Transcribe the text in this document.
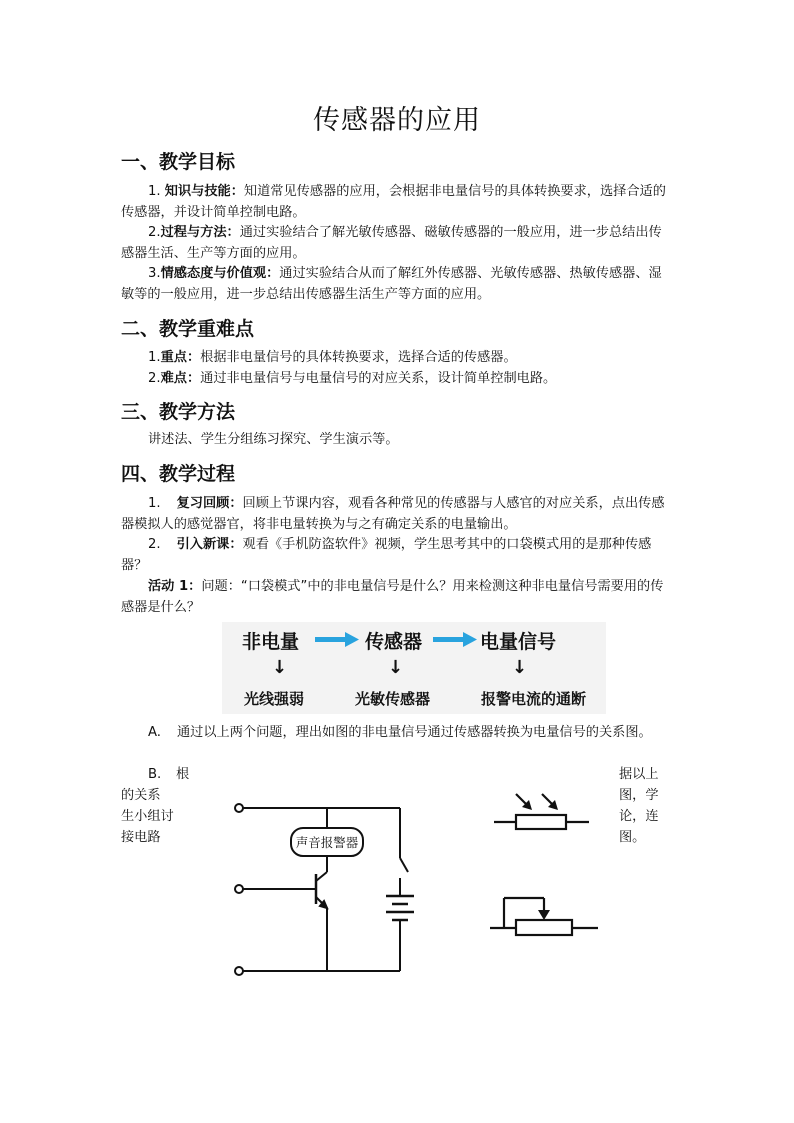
传感器的应用
一、教学目标
1. 知识与技能：知道常见传感器的应用，会根据非电量信号的具体转换要求，选择合适的传感器，并设计简单控制电路。
2.过程与方法：通过实验结合了解光敏传感器、磁敏传感器的一般应用，进一步总结出传感器生活、生产等方面的应用。
3.情感态度与价值观：通过实验结合从而了解红外传感器、光敏传感器、热敏传感器、湿敏等的一般应用，进一步总结出传感器生活生产等方面的应用。
二、教学重难点
1.重点：根据非电量信号的具体转换要求，选择合适的传感器。
2.难点：通过非电量信号与电量信号的对应关系，设计简单控制电路。
三、教学方法
讲述法、学生分组练习探究、学生演示等。
四、教学过程
1. 复习回顾：回顾上节课内容，观看各种常见的传感器与人感官的对应关系，点出传感器模拟人的感觉器官，将非电量转换为与之有确定关系的电量输出。
2. 引入新课：观看《手机防盗软件》视频，学生思考其中的口袋模式用的是那种传感器？
活动 1：问题：“口袋模式”中的非电量信号是什么？用来检测这种非电量信号需要用的传感器是什么？
非电量	传感器	电量信号
↓	↓	↓
光线强弱	光敏传感器	报警电流的通断
A. 通过以上两个问题，理出如图的非电量信号通过传感器转换为电量信号的关系图。
B. 根
的关系
生小组讨
接电路
据以上
图，学
论，连
图。
声音报警器
